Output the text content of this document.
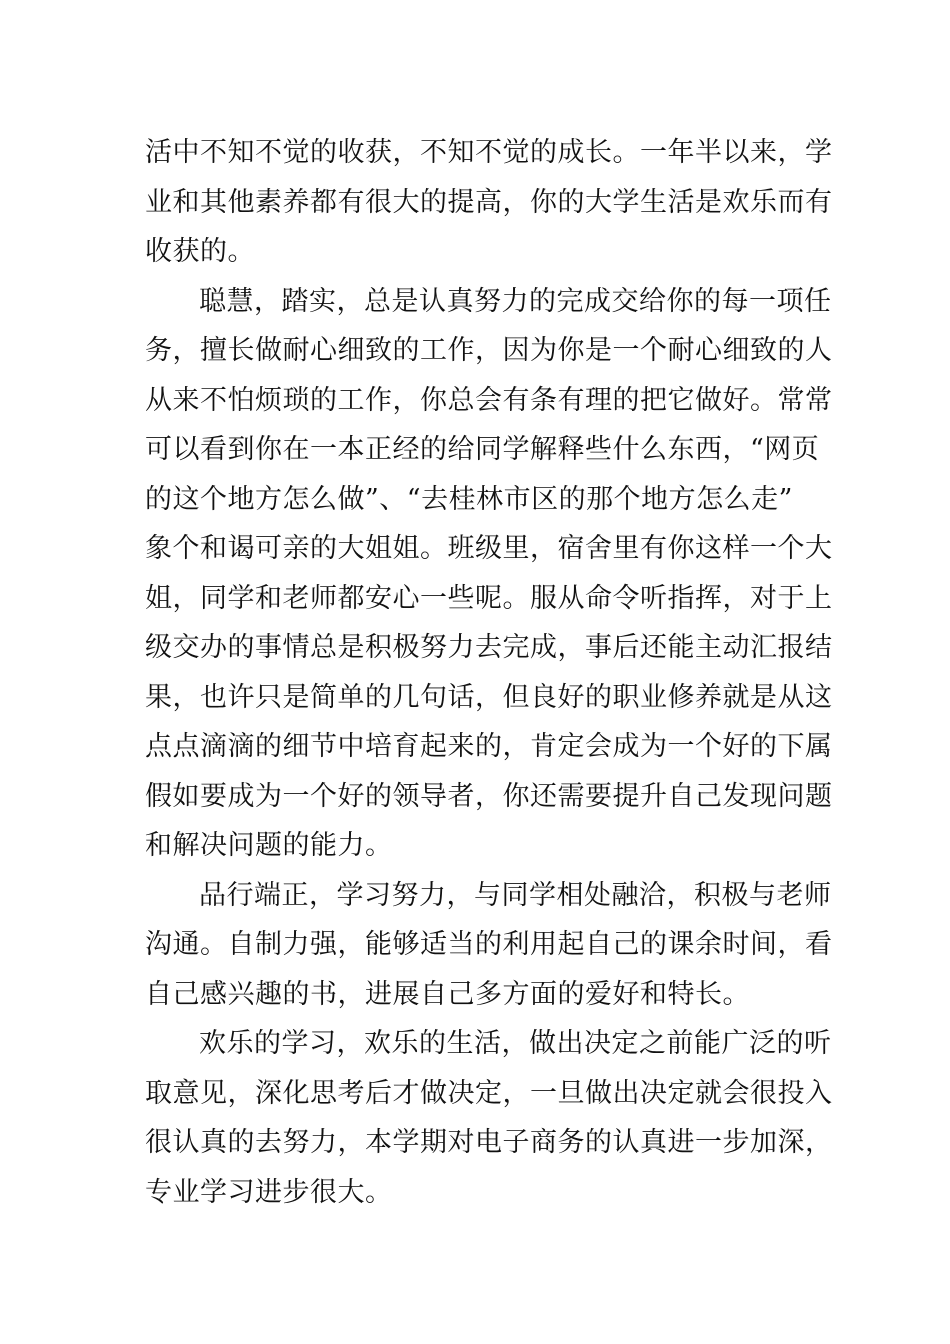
活中不知不觉的收获，不知不觉的成长。一年半以来，学
业和其他素养都有很大的提高，你的大学生活是欢乐而有
收获的。
聪慧，踏实，总是认真努力的完成交给你的每一项任
务，擅长做耐心细致的工作，因为你是一个耐心细致的人
从来不怕烦琐的工作，你总会有条有理的把它做好。常常
可以看到你在一本正经的给同学解释些什么东西，“网页
的这个地方怎么做”、“去桂林市区的那个地方怎么走”
象个和谒可亲的大姐姐。班级里，宿舍里有你这样一个大
姐，同学和老师都安心一些呢。服从命令听指挥，对于上
级交办的事情总是积极努力去完成，事后还能主动汇报结
果，也许只是简单的几句话，但良好的职业修养就是从这
点点滴滴的细节中培育起来的，肯定会成为一个好的下属
假如要成为一个好的领导者，你还需要提升自己发现问题
和解决问题的能力。
品行端正，学习努力，与同学相处融洽，积极与老师
沟通。自制力强，能够适当的利用起自己的课余时间，看
自己感兴趣的书，进展自己多方面的爱好和特长。
欢乐的学习，欢乐的生活，做出决定之前能广泛的听
取意见，深化思考后才做决定，一旦做出决定就会很投入
很认真的去努力，本学期对电子商务的认真进一步加深，
专业学习进步很大。
